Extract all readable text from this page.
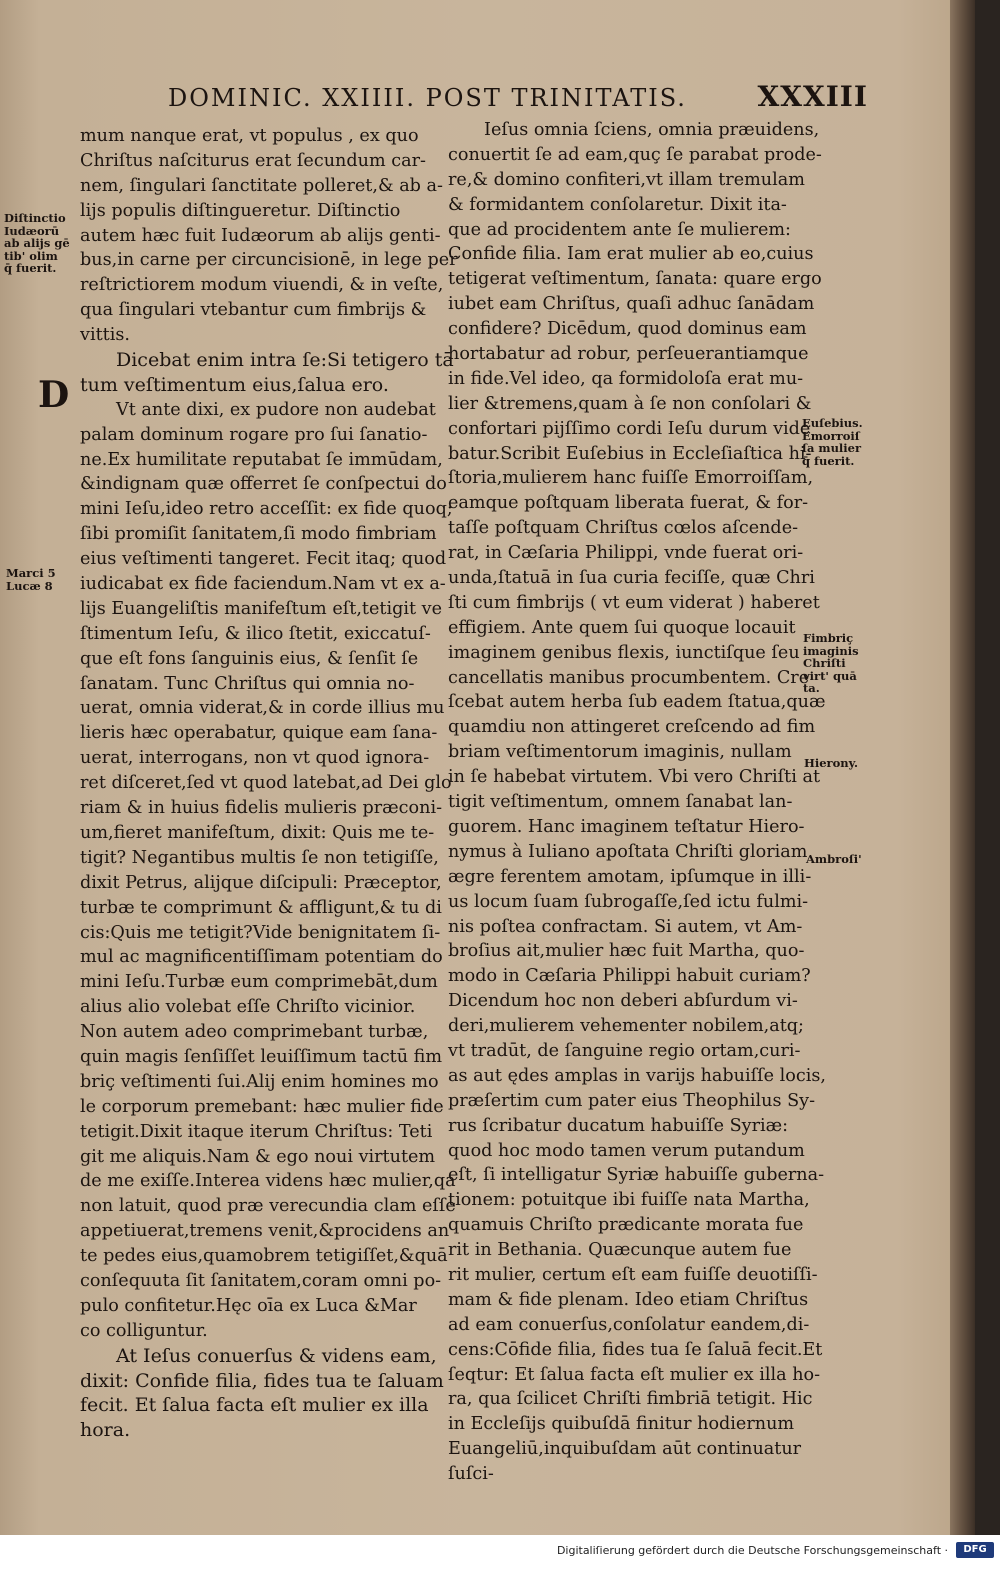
DOMINIC. XXIIII. POST TRINITATIS.	XXXIII
D
mum nanque erat, vt populus , ex quo
Chriſtus naſciturus erat ſecundum car-
nem, ſingulari ſanctitate polleret,& ab a-
lijs populis diſtingueretur. Diſtinctio
autem hæc fuit Iudæorum ab alijs genti-
bus,in carne per circuncisionē, in lege per
reſtrictiorem modum viuendi, & in veſte,
qua ſingulari vtebantur cum fimbrijs &
vittis.
Dicebat enim intra ſe:Si tetigero tā
tum veſtimentum eius,ſalua ero.
Vt ante dixi, ex pudore non audebat
palam dominum rogare pro ſui ſanatio-
ne.Ex humilitate reputabat ſe immūdam,
&indignam quæ offerret ſe conſpectui do
mini Ieſu,ideo retro acceſſit: ex fide quoq;
ſibi promiſit ſanitatem,ſi modo fimbriam
eius veſtimenti tangeret. Fecit itaq; quod
iudicabat ex fide faciendum.Nam vt ex a-
lijs Euangeliſtis manifeſtum eſt,tetigit ve
ſtimentum Ieſu, & ilico ſtetit, exiccatuſ-
que eſt fons ſanguinis eius, & ſenſit ſe
ſanatam. Tunc Chriſtus qui omnia no-
uerat, omnia viderat,& in corde illius mu
lieris hæc operabatur, quique eam ſana-
uerat, interrogans, non vt quod ignora-
ret diſceret,ſed vt quod latebat,ad Dei glo
riam & in huius fidelis mulieris præconi-
um,fieret manifeſtum, dixit: Quis me te-
tigit? Negantibus multis ſe non tetigiſſe,
dixit Petrus, alijque diſcipuli: Præceptor,
turbæ te comprimunt & affligunt,& tu di
cis:Quis me tetigit?Vide benignitatem ſi-
mul ac magnificentiſſimam potentiam do
mini Ieſu.Turbæ eum comprimebāt,dum
alius alio volebat eſſe Chriſto vicinior.
Non autem adeo comprimebant turbæ,
quin magis ſenſiſſet leuiſſimum tactū fim
briç veſtimenti ſui.Alij enim homines mo
le corporum premebant: hæc mulier fide
tetigit.Dixit itaque iterum Chriſtus: Teti
git me aliquis.Nam & ego noui virtutem
de me exiſſe.Interea videns hæc mulier,qa
non latuit, quod præ verecundia clam eſſe
appetiuerat,tremens venit,&procidens an
te pedes eius,quamobrem tetigiſſet,&quā
conſequuta ſit ſanitatem,coram omni po-
pulo confitetur.Hęc oīa ex Luca &Mar
co colliguntur.
At Ieſus conuerſus & videns eam,
dixit: Confide filia, fides tua te ſaluam
fecit. Et ſalua facta eſt mulier ex illa
hora.
Ieſus omnia ſciens, omnia præuidens,
conuertit ſe ad eam,quç ſe parabat prode-
re,& domino confiteri,vt illam tremulam
& formidantem conſolaretur. Dixit ita-
que ad procidentem ante ſe mulierem:
Confide filia. Iam erat mulier ab eo,cuius
tetigerat veſtimentum, ſanata: quare ergo
iubet eam Chriſtus, quaſi adhuc ſanādam
confidere? Dicēdum, quod dominus eam
hortabatur ad robur, perſeuerantiamque
in fide.Vel ideo, qa formidoloſa erat mu-
lier &tremens,quam à ſe non conſolari &
confortari pijſſimo cordi Ieſu durum vide
batur.Scribit Euſebius in Eccleſiaſtica hi-
ſtoria,mulierem hanc fuiſſe Emorroiſſam,
eamque poſtquam liberata fuerat, & for-
taſſe poſtquam Chriſtus cœlos aſcende-
rat, in Cæſaria Philippi, vnde fuerat ori-
unda,ſtatuā in ſua curia feciſſe, quæ Chri
ſti cum fimbrijs ( vt eum viderat ) haberet
effigiem. Ante quem ſui quoque locauit
imaginem genibus flexis, iunctiſque ſeu
cancellatis manibus procumbentem. Cre
ſcebat autem herba ſub eadem ſtatua,quæ
quamdiu non attingeret creſcendo ad fim
briam veſtimentorum imaginis, nullam
in ſe habebat virtutem. Vbi vero Chriſti at
tigit veſtimentum, omnem ſanabat lan-
guorem. Hanc imaginem teſtatur Hiero-
nymus à Iuliano apoſtata Chriſti gloriam
ægre ferentem amotam, ipſumque in illi-
us locum ſuam ſubrogaſſe,ſed ictu fulmi-
nis poſtea confractam. Si autem, vt Am-
broſius ait,mulier hæc fuit Martha, quo-
modo in Cæſaria Philippi habuit curiam?
Dicendum hoc non deberi abſurdum vi-
deri,mulierem vehementer nobilem,atq;
vt tradūt, de ſanguine regio ortam,curi-
as aut ędes amplas in varijs habuiſſe locis,
præſertim cum pater eius Theophilus Sy-
rus ſcribatur ducatum habuiſſe Syriæ:
quod hoc modo tamen verum putandum
eſt, ſi intelligatur Syriæ habuiſſe guberna-
tionem: potuitque ibi fuiſſe nata Martha,
quamuis Chriſto prædicante morata fue
rit in Bethania. Quæcunque autem fue
rit mulier, certum eſt eam fuiſſe deuotiſſi-
mam & fide plenam. Ideo etiam Chriſtus
ad eam conuerſus,conſolatur eandem,di-
cens:Cōfide filia, fides tua ſe ſaluā fecit.Et
ſeqtur: Et ſalua facta eſt mulier ex illa ho-
ra, qua ſcilicet Chriſti fimbriā tetigit. Hic
in Eccleſijs quibuſdā finitur hodiernum
Euangeliū,inquibuſdam aūt continuatur
ſuſci-
Diſtinctio
Iudæorū
ab alijs gē
tib' olim
q̄ fuerit.
Marci 5
Lucæ 8
Euſebius.
Emorroiſ
ſa mulier
q̄ fuerit.
Fimbriç
imaginis
Chriſti
virt' quā
ta.
Hierony.
Ambroſi'
Digitaliſierung gefördert durch die Deutsche Forschungsgemeinschaft ·	DFG
